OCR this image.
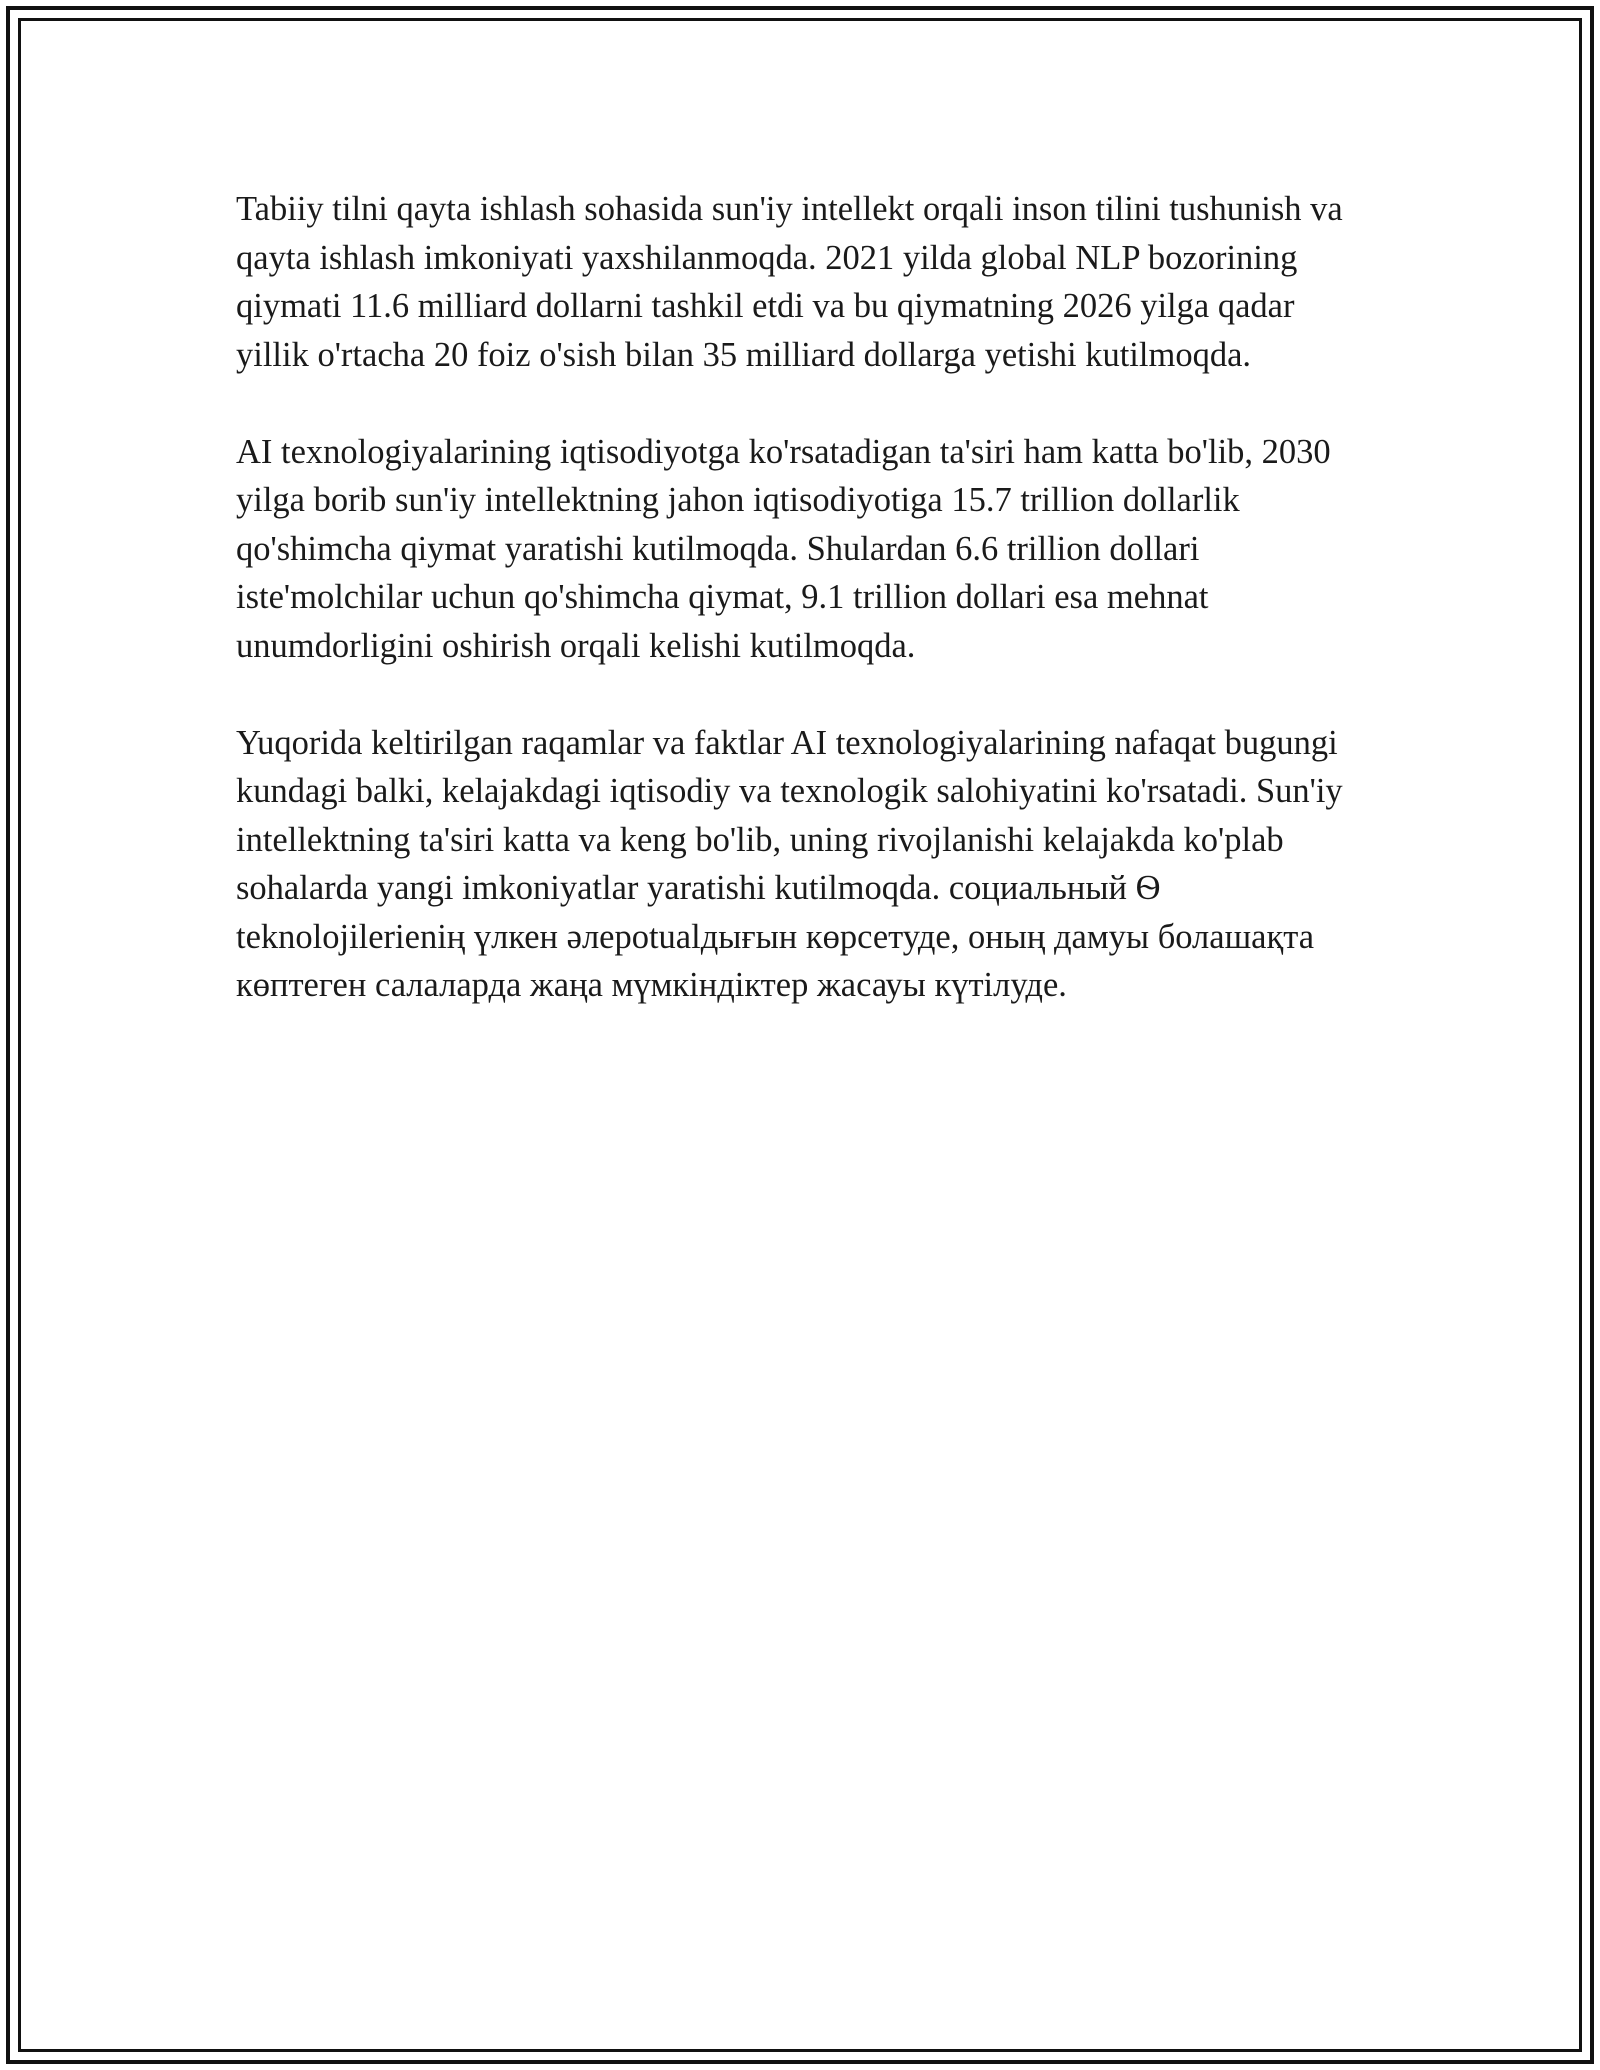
Tabiiy tilni qayta ishlash sohasida sun'iy intellekt orqali inson tilini tushunish va qayta ishlash imkoniyati yaxshilanmoqda. 2021 yilda global NLP bozorining qiymati 11.6 milliard dollarni tashkil etdi va bu qiymatning 2026 yilga qadar yillik o'rtacha 20 foiz o'sish bilan 35 milliard dollarga yetishi kutilmoqda.

AI texnologiyalarining iqtisodiyotga ko'rsatadigan ta'siri ham katta bo'lib, 2030 yilga borib sun'iy intellektning jahon iqtisodiyotiga 15.7 trillion dollarlik qo'shimcha qiymat yaratishi kutilmoqda. Shulardan 6.6 trillion dollari iste'molchilar uchun qo'shimcha qiymat, 9.1 trillion dollari esa mehnat unumdorligini oshirish orqali kelishi kutilmoqda.

Yuqorida keltirilgan raqamlar va faktlar AI texnologiyalarining nafaqat bugungi kundagi balki, kelajakdagi iqtisodiy va texnologik salohiyatini ko'rsatadi. Sun'iy intellektning ta'siri katta va keng bo'lib, uning rivojlanishi kelajakda ko'plab sohalarda yangi imkoniyatlar yaratishi kutilmoqda. социальный Ѳ teknolojilerienің үлкен әлеpotualдығын көрсетуде, оның дамуы болашақта көптеген салаларда жаңа мүмкіндіктер жасауы күтілуде.
